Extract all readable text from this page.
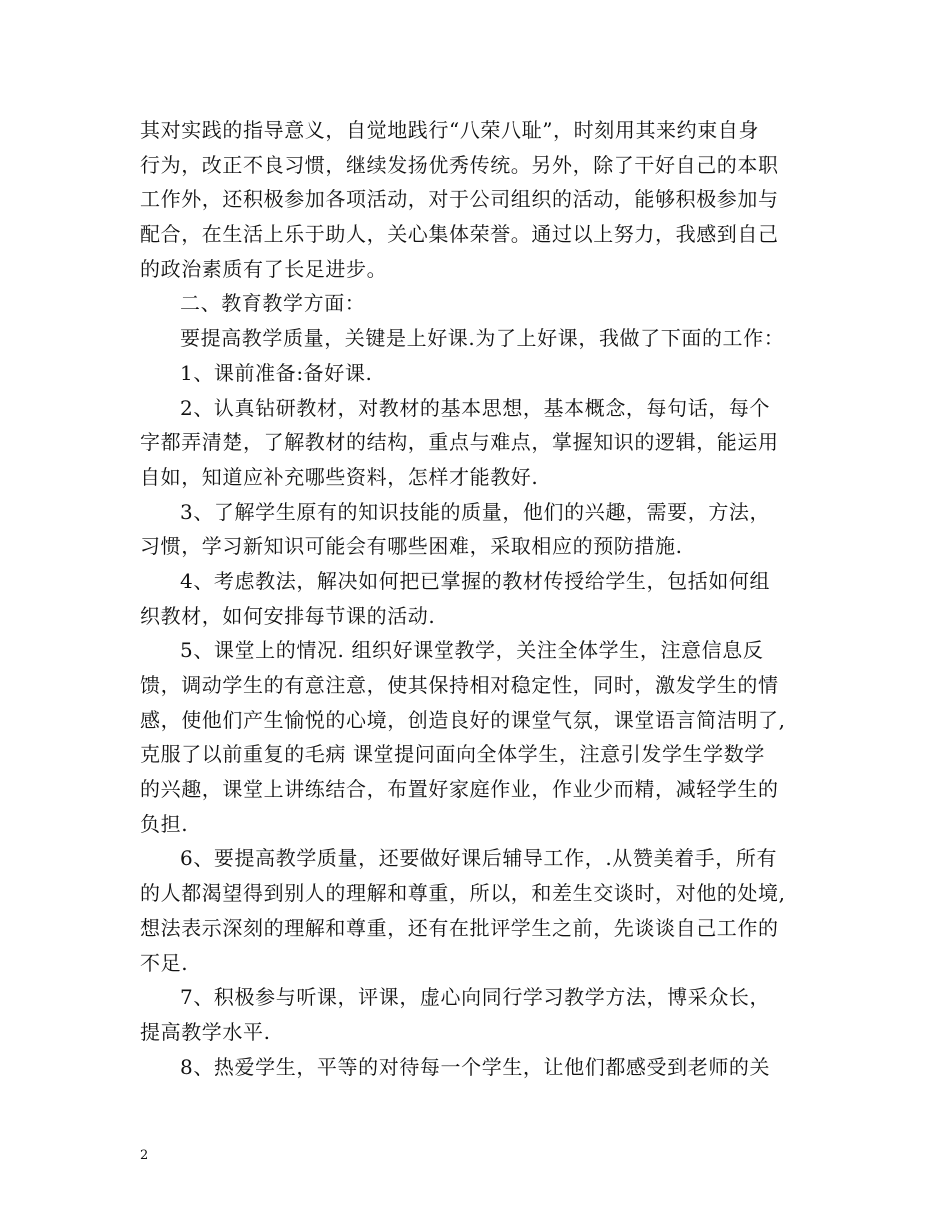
其对实践的指导意义，自觉地践行“八荣八耻”，时刻用其来约束自身
行为，改正不良习惯，继续发扬优秀传统。另外，除了干好自己的本职
工作外，还积极参加各项活动，对于公司组织的活动，能够积极参加与
配合，在生活上乐于助人，关心集体荣誉。通过以上努力，我感到自己
的政治素质有了长足进步。
二、教育教学方面：
要提高教学质量，关键是上好课.为了上好课，我做了下面的工作：
1、课前准备:备好课.
2、认真钻研教材，对教材的基本思想，基本概念，每句话，每个
字都弄清楚，了解教材的结构，重点与难点，掌握知识的逻辑，能运用
自如，知道应补充哪些资料，怎样才能教好.
3、了解学生原有的知识技能的质量，他们的兴趣，需要，方法，
习惯，学习新知识可能会有哪些困难，采取相应的预防措施.
4、考虑教法，解决如何把已掌握的教材传授给学生，包括如何组
织教材，如何安排每节课的活动.
5、课堂上的情况. 组织好课堂教学，关注全体学生，注意信息反
馈，调动学生的有意注意，使其保持相对稳定性，同时，激发学生的情
感，使他们产生愉悦的心境，创造良好的课堂气氛，课堂语言简洁明了,
克服了以前重复的毛病 课堂提问面向全体学生，注意引发学生学数学
的兴趣，课堂上讲练结合，布置好家庭作业，作业少而精，减轻学生的
负担.
6、要提高教学质量，还要做好课后辅导工作，.从赞美着手，所有
的人都渴望得到别人的理解和尊重，所以，和差生交谈时，对他的处境,
想法表示深刻的理解和尊重，还有在批评学生之前，先谈谈自己工作的
不足.
7、积极参与听课，评课，虚心向同行学习教学方法，博采众长，
提高教学水平.
8、热爱学生，平等的对待每一个学生，让他们都感受到老师的关
2
